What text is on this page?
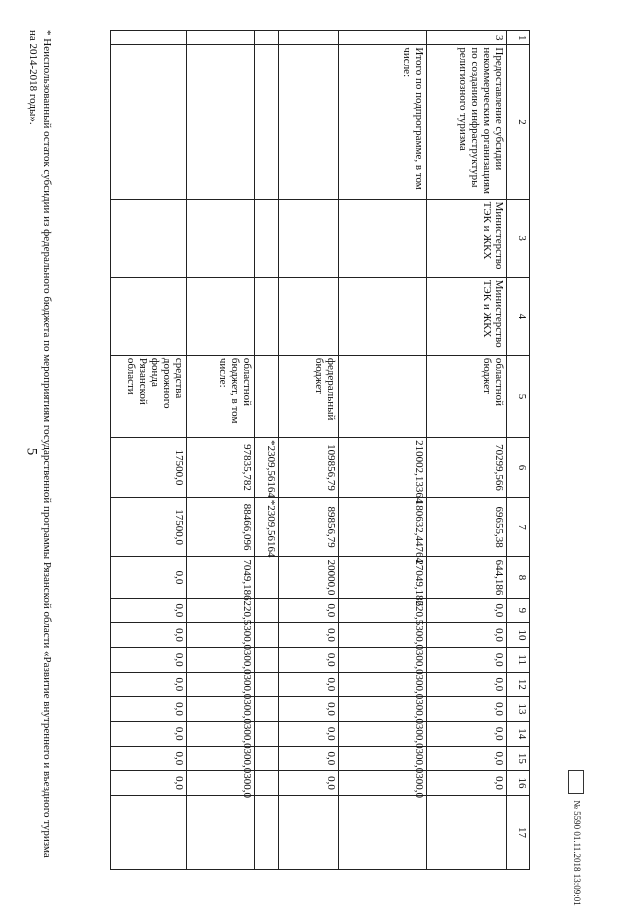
5
1	2	3	4	5	6	7	8	9	10	11	12	13	14	15	16	17
3	Предоставление субсидии некоммерческим организациям по созданию инфраструктуры религиозного туризма	Министерство ТЭК и ЖКХ	Министерство ТЭК и ЖКХ	областной бюджет	70299,566	69655,38	644,186	0,0	0,0	0,0	0,0	0,0	0,0	0,0	0,0	
	Итого по подпрограмме, в том числе:				210002,13364	180632,44764	27049,186	220,5	300,0	300,0	300,0	300,0	300,0	300,0	300,0	
				федеральный бюджет	109856,79	89856,79	20000,0	0,0	0,0	0,0	0,0	0,0	0,0	0,0	0,0	
					*2309,56164	*2309,56164										
				областной бюджет, в том числе:	97835,782	88466,096	7049,186	220,5	300,0	300,0	300,0	300,0	300,0	300,0	300,0	
				средства дорожного фонда Рязанской области	17500,0	17500,0	0,0	0,0	0,0	0,0	0,0	0,0	0,0	0,0	0,0	
* Неиспользованный остаток субсидии из федерального бюджета по мероприятиям государственной программы Рязанской области «Развитие внутреннего и въездного туризма на 2014-2018 годы».
№ 5590 01.11.2018 13:09:01
